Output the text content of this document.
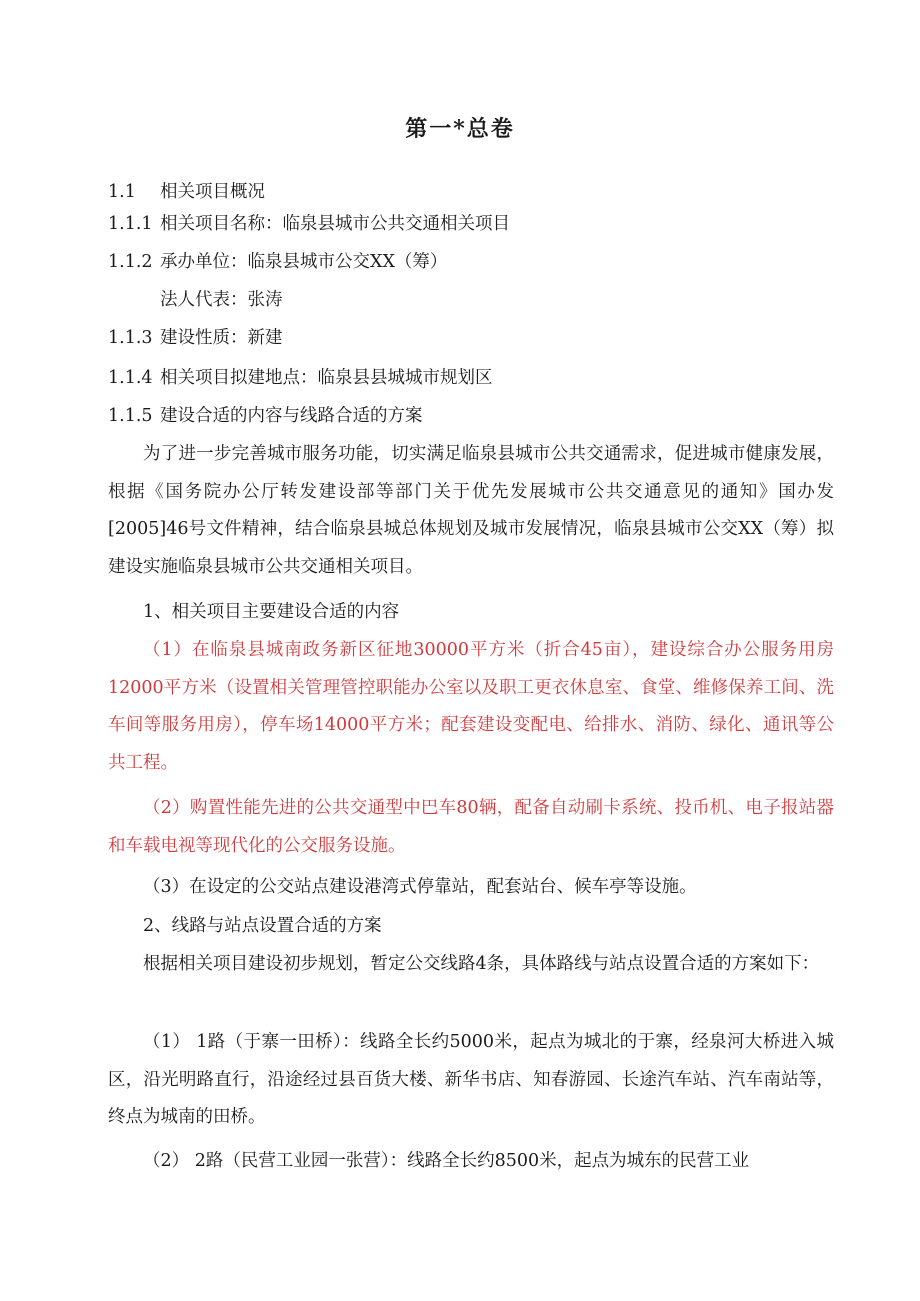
第一*总卷
1.1 相关项目概况
1.1.1 相关项目名称：临泉县城市公共交通相关项目
1.1.2 承办单位：临泉县城市公交XX（筹）
法人代表：张涛
1.1.3 建设性质：新建
1.1.4 相关项目拟建地点：临泉县县城城市规划区
1.1.5 建设合适的内容与线路合适的方案
为了进一步完善城市服务功能，切实满足临泉县城市公共交通需求，促进城市健康发展，根据《国务院办公厅转发建设部等部门关于优先发展城市公共交通意见的通知》国办发[2005]46号文件精神，结合临泉县城总体规划及城市发展情况，临泉县城市公交XX（筹）拟建设实施临泉县城市公共交通相关项目。
1、相关项目主要建设合适的内容
（1）在临泉县城南政务新区征地30000平方米（折合45亩），建设综合办公服务用房12000平方米（设置相关管理管控职能办公室以及职工更衣休息室、食堂、维修保养工间、洗车间等服务用房），停车场14000平方米；配套建设变配电、给排水、消防、绿化、通讯等公共工程。
（2）购置性能先进的公共交通型中巴车80辆，配备自动刷卡系统、投币机、电子报站器和车载电视等现代化的公交服务设施。
（3）在设定的公交站点建设港湾式停靠站，配套站台、候车亭等设施。
2、线路与站点设置合适的方案
根据相关项目建设初步规划，暂定公交线路4条，具体路线与站点设置合适的方案如下：
（1） 1路（于寨一田桥）：线路全长约5000米，起点为城北的于寨，经泉河大桥进入城区，沿光明路直行，沿途经过县百货大楼、新华书店、知春游园、长途汽车站、汽车南站等，终点为城南的田桥。
（2） 2路（民营工业园一张营）：线路全长约8500米，起点为城东的民营工业
